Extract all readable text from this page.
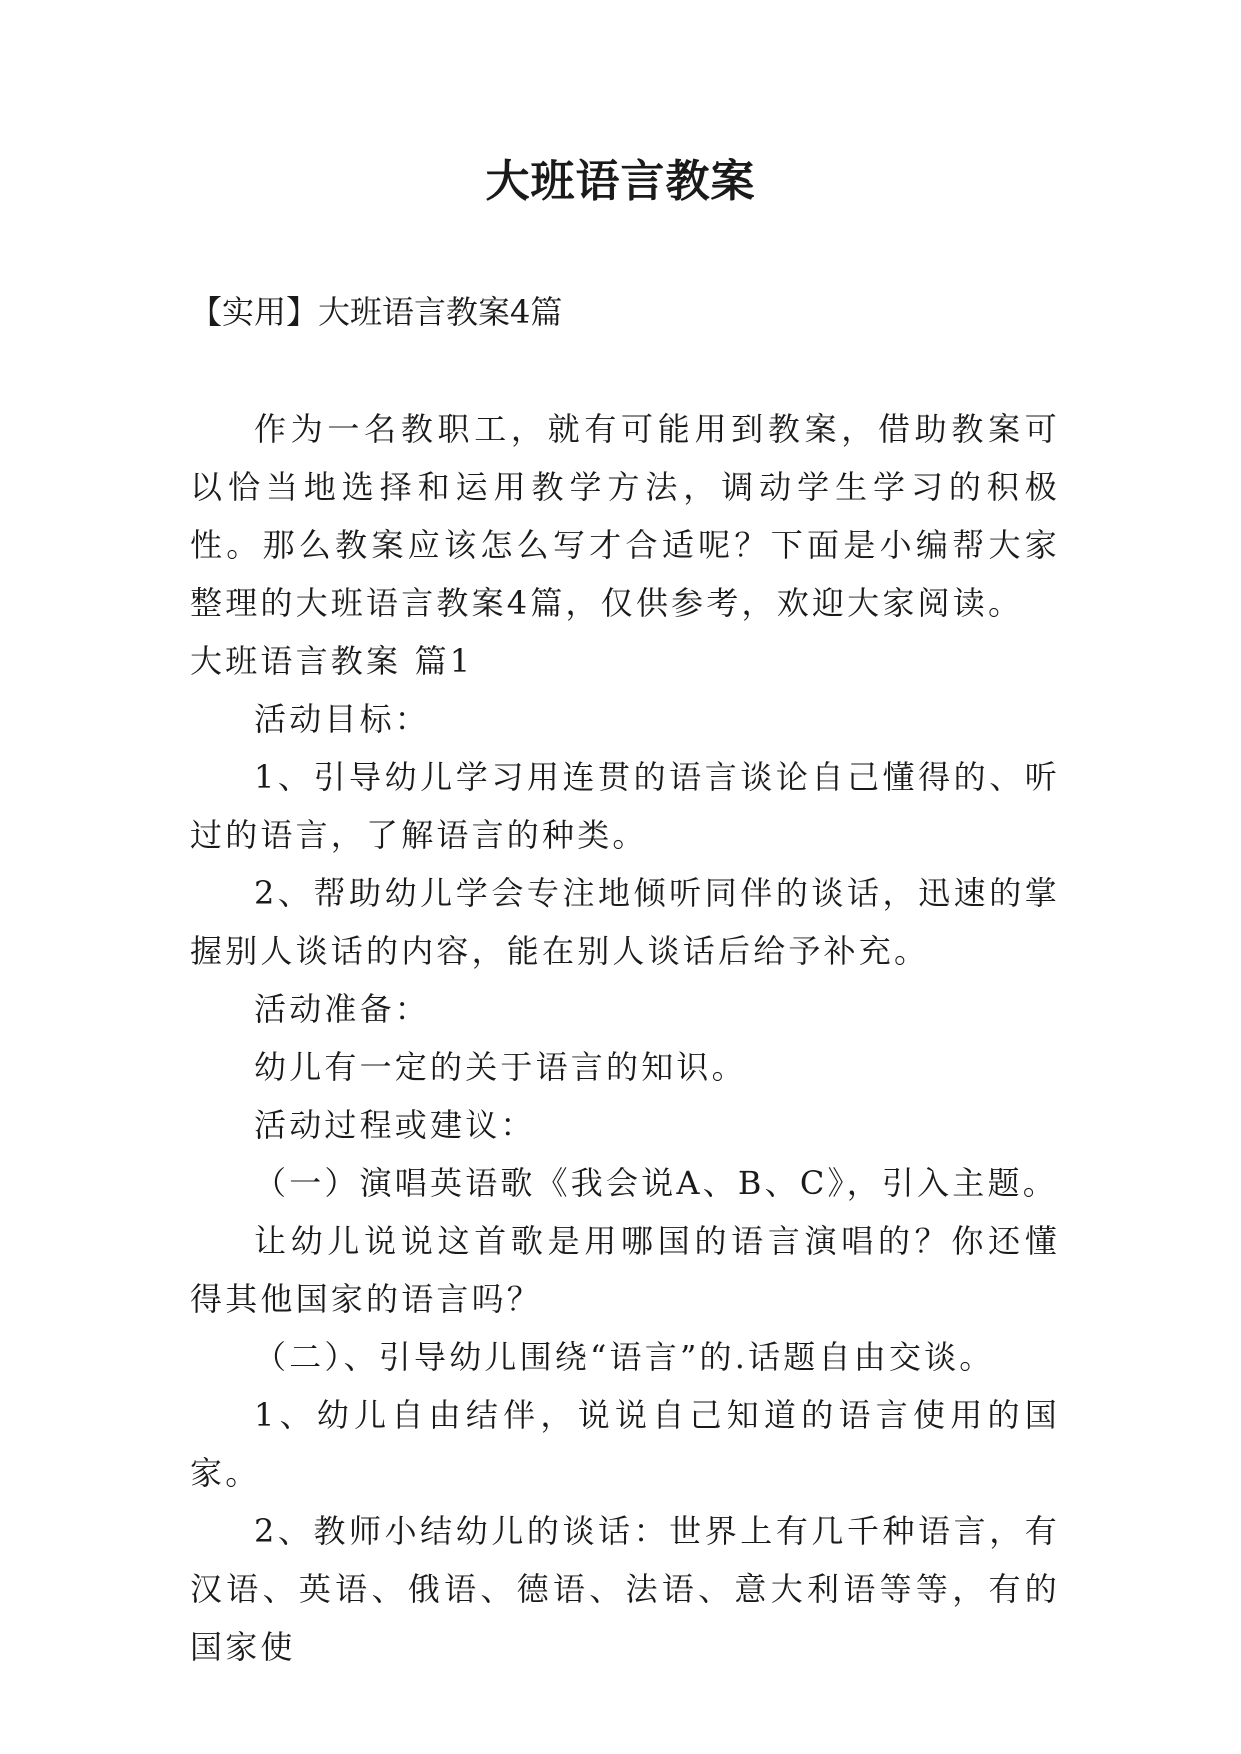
大班语言教案
【实用】大班语言教案4篇

作为一名教职工，就有可能用到教案，借助教案可以恰当地选择和运用教学方法，调动学生学习的积极性。那么教案应该怎么写才合适呢？下面是小编帮大家整理的大班语言教案4篇，仅供参考，欢迎大家阅读。

大班语言教案 篇1

活动目标：

1、引导幼儿学习用连贯的语言谈论自己懂得的、听过的语言，了解语言的种类。

2、帮助幼儿学会专注地倾听同伴的谈话，迅速的掌握别人谈话的内容，能在别人谈话后给予补充。

活动准备：

幼儿有一定的关于语言的知识。

活动过程或建议：

（一）演唱英语歌《我会说A、B、C》，引入主题。

让幼儿说说这首歌是用哪国的语言演唱的？你还懂得其他国家的语言吗？

（二）、引导幼儿围绕“语言”的.话题自由交谈。

1、幼儿自由结伴，说说自己知道的语言使用的国家。

2、教师小结幼儿的谈话：世界上有几千种语言，有汉语、英语、俄语、德语、法语、意大利语等等，有的国家使
